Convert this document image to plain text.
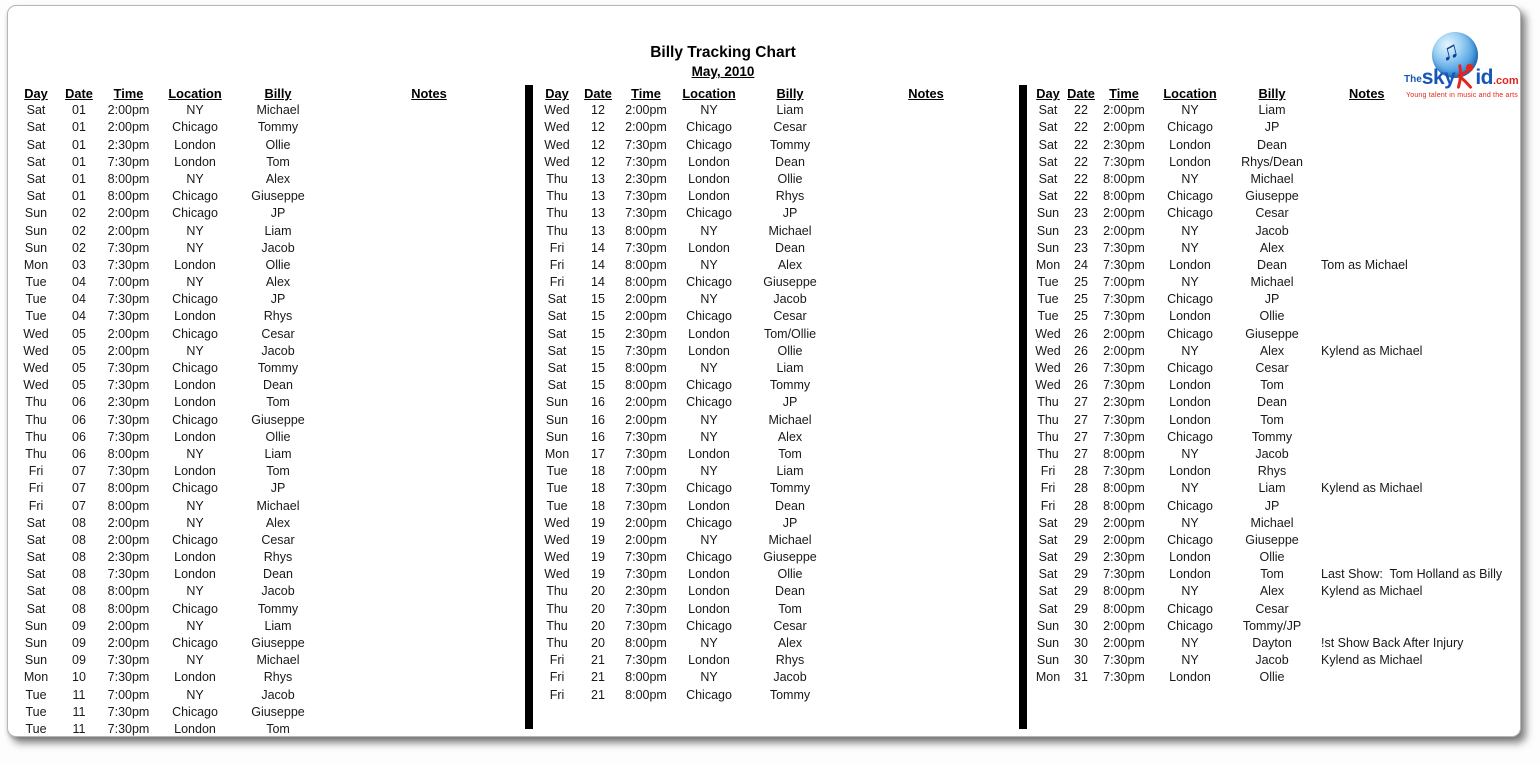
Billy Tracking Chart
May, 2010
Day	Date	Time	Location	Billy	Notes
Sat	01	2:00pm	NY	Michael
Sat	01	2:00pm	Chicago	Tommy
Sat	01	2:30pm	London	Ollie
Sat	01	7:30pm	London	Tom
Sat	01	8:00pm	NY	Alex
Sat	01	8:00pm	Chicago	Giuseppe
Sun	02	2:00pm	Chicago	JP
Sun	02	2:00pm	NY	Liam
Sun	02	7:30pm	NY	Jacob
Mon	03	7:30pm	London	Ollie
Tue	04	7:00pm	NY	Alex
Tue	04	7:30pm	Chicago	JP
Tue	04	7:30pm	London	Rhys
Wed	05	2:00pm	Chicago	Cesar
Wed	05	2:00pm	NY	Jacob
Wed	05	7:30pm	Chicago	Tommy
Wed	05	7:30pm	London	Dean
Thu	06	2:30pm	London	Tom
Thu	06	7:30pm	Chicago	Giuseppe
Thu	06	7:30pm	London	Ollie
Thu	06	8:00pm	NY	Liam
Fri	07	7:30pm	London	Tom
Fri	07	8:00pm	Chicago	JP
Fri	07	8:00pm	NY	Michael
Sat	08	2:00pm	NY	Alex
Sat	08	2:00pm	Chicago	Cesar
Sat	08	2:30pm	London	Rhys
Sat	08	7:30pm	London	Dean
Sat	08	8:00pm	NY	Jacob
Sat	08	8:00pm	Chicago	Tommy
Sun	09	2:00pm	NY	Liam
Sun	09	2:00pm	Chicago	Giuseppe
Sun	09	7:30pm	NY	Michael
Mon	10	7:30pm	London	Rhys
Tue	11	7:00pm	NY	Jacob
Tue	11	7:30pm	Chicago	Giuseppe
Tue	11	7:30pm	London	Tom
Day	Date	Time	Location	Billy	Notes
Wed	12	2:00pm	NY	Liam
Wed	12	2:00pm	Chicago	Cesar
Wed	12	7:30pm	Chicago	Tommy
Wed	12	7:30pm	London	Dean
Thu	13	2:30pm	London	Ollie
Thu	13	7:30pm	London	Rhys
Thu	13	7:30pm	Chicago	JP
Thu	13	8:00pm	NY	Michael
Fri	14	7:30pm	London	Dean
Fri	14	8:00pm	NY	Alex
Fri	14	8:00pm	Chicago	Giuseppe
Sat	15	2:00pm	NY	Jacob
Sat	15	2:00pm	Chicago	Cesar
Sat	15	2:30pm	London	Tom/Ollie
Sat	15	7:30pm	London	Ollie
Sat	15	8:00pm	NY	Liam
Sat	15	8:00pm	Chicago	Tommy
Sun	16	2:00pm	Chicago	JP
Sun	16	2:00pm	NY	Michael
Sun	16	7:30pm	NY	Alex
Mon	17	7:30pm	London	Tom
Tue	18	7:00pm	NY	Liam
Tue	18	7:30pm	Chicago	Tommy
Tue	18	7:30pm	London	Dean
Wed	19	2:00pm	Chicago	JP
Wed	19	2:00pm	NY	Michael
Wed	19	7:30pm	Chicago	Giuseppe
Wed	19	7:30pm	London	Ollie
Thu	20	2:30pm	London	Dean
Thu	20	7:30pm	London	Tom
Thu	20	7:30pm	Chicago	Cesar
Thu	20	8:00pm	NY	Alex
Fri	21	7:30pm	London	Rhys
Fri	21	8:00pm	NY	Jacob
Fri	21	8:00pm	Chicago	Tommy
Day Date	Time	Location	Billy	Notes
Sat	22	2:00pm	NY	Liam
Sat	22	2:00pm	Chicago	JP
Sat	22	2:30pm	London	Dean
Sat	22	7:30pm	London	Rhys/Dean
Sat	22	8:00pm	NY	Michael
Sat	22	8:00pm	Chicago	Giuseppe
Sun	23	2:00pm	Chicago	Cesar
Sun	23	2:00pm	NY	Jacob
Sun	23	7:30pm	NY	Alex
Mon	24	7:30pm	London	Dean	Tom as Michael
Tue	25	7:00pm	NY	Michael
Tue	25	7:30pm	Chicago	JP
Tue	25	7:30pm	London	Ollie
Wed	26	2:00pm	Chicago	Giuseppe
Wed	26	2:00pm	NY	Alex	Kylend as Michael
Wed	26	7:30pm	Chicago	Cesar
Wed	26	7:30pm	London	Tom
Thu	27	2:30pm	London	Dean
Thu	27	7:30pm	London	Tom
Thu	27	7:30pm	Chicago	Tommy
Thu	27	8:00pm	NY	Jacob
Fri	28	7:30pm	London	Rhys
Fri	28	8:00pm	NY	Liam	Kylend as Michael
Fri	28	8:00pm	Chicago	JP
Sat	29	2:00pm	NY	Michael
Sat	29	2:00pm	Chicago	Giuseppe
Sat	29	2:30pm	London	Ollie
Sat	29	7:30pm	London	Tom	Last Show:  Tom Holland as Billy
Sat	29	8:00pm	NY	Alex	Kylend as Michael
Sat	29	8:00pm	Chicago	Cesar
Sun	30	2:00pm	Chicago	Tommy/JP
Sun	30	2:00pm	NY	Dayton	!st Show Back After Injury
Sun	30	7:30pm	NY	Jacob	Kylend as Michael
Mon	31	7:30pm	London	Ollie
♫
The sky id .com
Young talent in music and the arts
